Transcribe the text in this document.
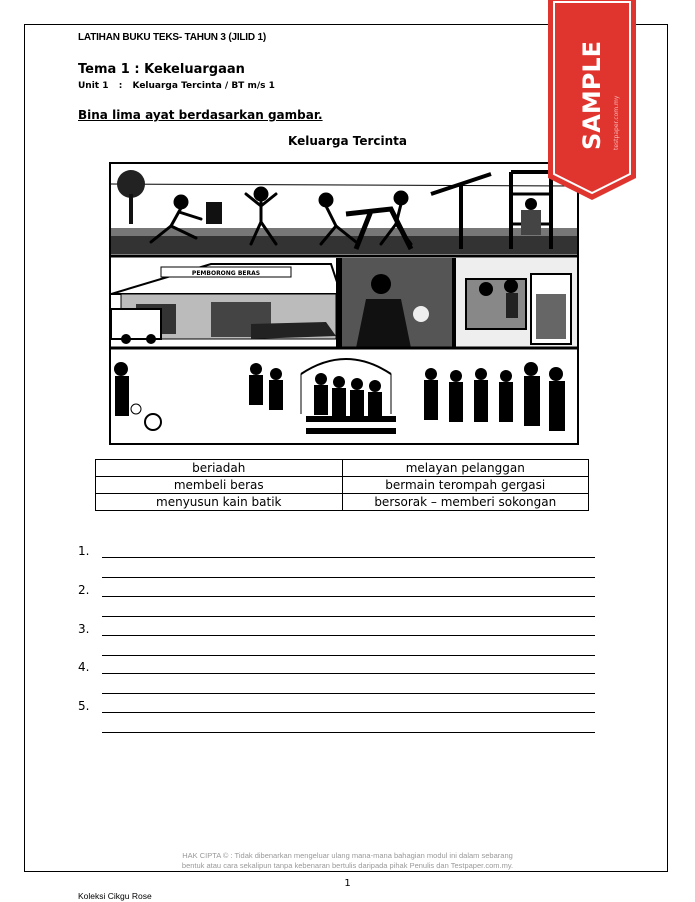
LATIHAN BUKU TEKS- TAHUN 3 (JILID 1)
Tema 1 : Kekeluargaan
Unit 1 : Keluarga Tercinta / BT m/s 1
Bina lima ayat berdasarkan gambar.
Keluarga Tercinta
PEMBORONG BERAS
beriadah	melayan pelanggan
membeli beras	bermain terompah gergasi
menyusun kain batik	bersorak – memberi sokongan
1.
2.
3.
4.
5.
HAK CIPTA © : Tidak dibenarkan mengeluar ulang mana-mana bahagian modul ini dalam sebarang
bentuk atau cara sekalipun tanpa kebenaran bertulis daripada pihak Penulis dan Testpaper.com.my.
1
Koleksi Cikgu Rose
SAMPLE testpaper.com.my
